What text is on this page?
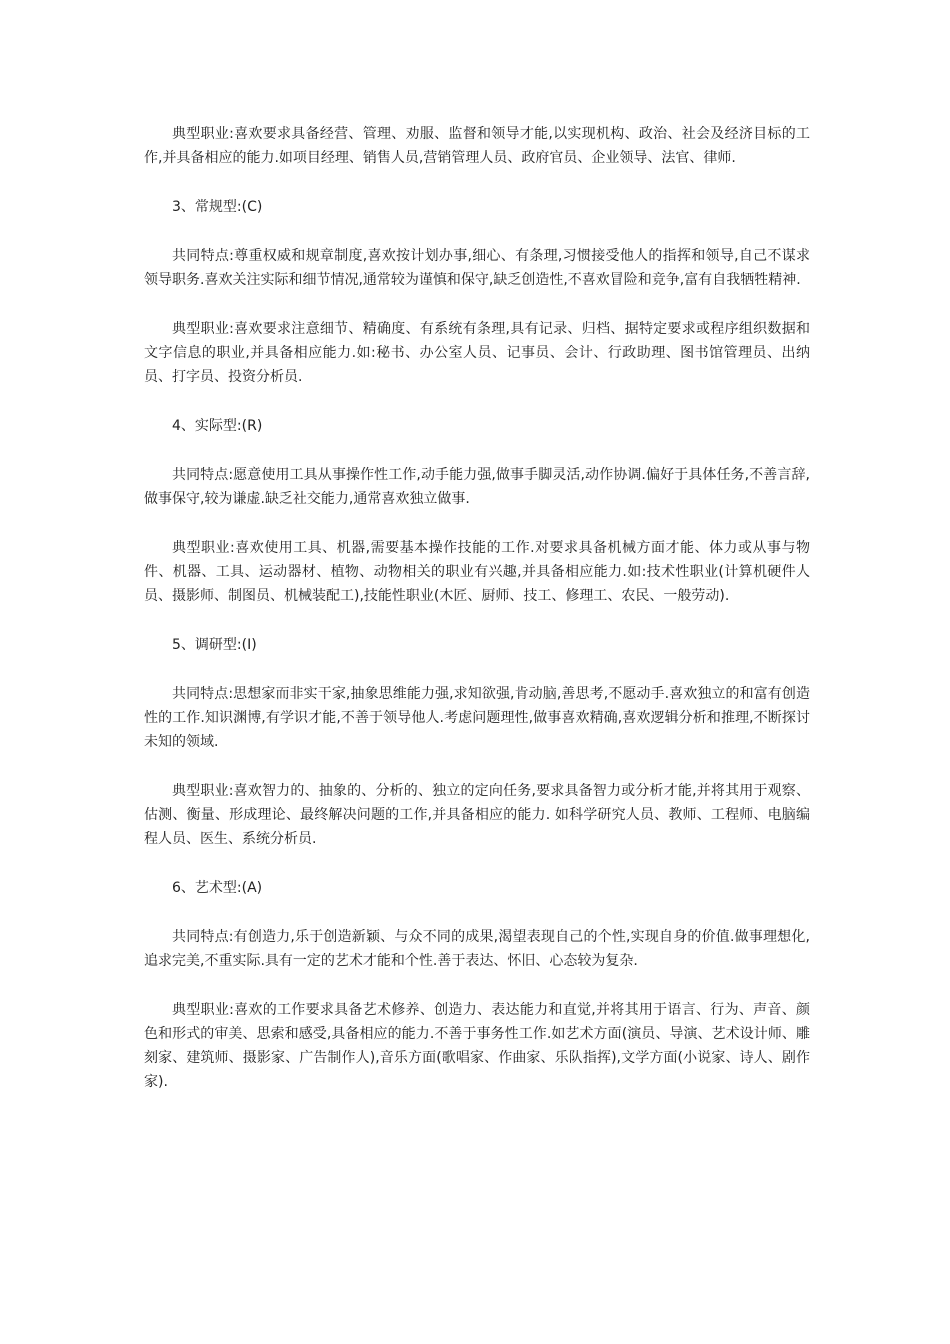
典型职业:喜欢要求具备经营、管理、劝服、监督和领导才能,以实现机构、政治、社会及经济目标的工作,并具备相应的能力.如项目经理、销售人员,营销管理人员、政府官员、企业领导、法官、律师.

3、常规型:(C)

共同特点:尊重权威和规章制度,喜欢按计划办事,细心、有条理,习惯接受他人的指挥和领导,自己不谋求领导职务.喜欢关注实际和细节情况,通常较为谨慎和保守,缺乏创造性,不喜欢冒险和竞争,富有自我牺牲精神.

典型职业:喜欢要求注意细节、精确度、有系统有条理,具有记录、归档、据特定要求或程序组织数据和文字信息的职业,并具备相应能力.如:秘书、办公室人员、记事员、会计、行政助理、图书馆管理员、出纳员、打字员、投资分析员.

4、实际型:(R)

共同特点:愿意使用工具从事操作性工作,动手能力强,做事手脚灵活,动作协调.偏好于具体任务,不善言辞,做事保守,较为谦虚.缺乏社交能力,通常喜欢独立做事.

典型职业:喜欢使用工具、机器,需要基本操作技能的工作.对要求具备机械方面才能、体力或从事与物件、机器、工具、运动器材、植物、动物相关的职业有兴趣,并具备相应能力.如:技术性职业(计算机硬件人员、摄影师、制图员、机械装配工),技能性职业(木匠、厨师、技工、修理工、农民、一般劳动).

5、调研型:(I)

共同特点:思想家而非实干家,抽象思维能力强,求知欲强,肯动脑,善思考,不愿动手.喜欢独立的和富有创造性的工作.知识渊博,有学识才能,不善于领导他人.考虑问题理性,做事喜欢精确,喜欢逻辑分析和推理,不断探讨未知的领域.

典型职业:喜欢智力的、抽象的、分析的、独立的定向任务,要求具备智力或分析才能,并将其用于观察、估测、衡量、形成理论、最终解决问题的工作,并具备相应的能力. 如科学研究人员、教师、工程师、电脑编程人员、医生、系统分析员.

6、艺术型:(A)

共同特点:有创造力,乐于创造新颖、与众不同的成果,渴望表现自己的个性,实现自身的价值.做事理想化,追求完美,不重实际.具有一定的艺术才能和个性.善于表达、怀旧、心态较为复杂.

典型职业:喜欢的工作要求具备艺术修养、创造力、表达能力和直觉,并将其用于语言、行为、声音、颜色和形式的审美、思索和感受,具备相应的能力.不善于事务性工作.如艺术方面(演员、导演、艺术设计师、雕刻家、建筑师、摄影家、广告制作人),音乐方面(歌唱家、作曲家、乐队指挥),文学方面(小说家、诗人、剧作家).
